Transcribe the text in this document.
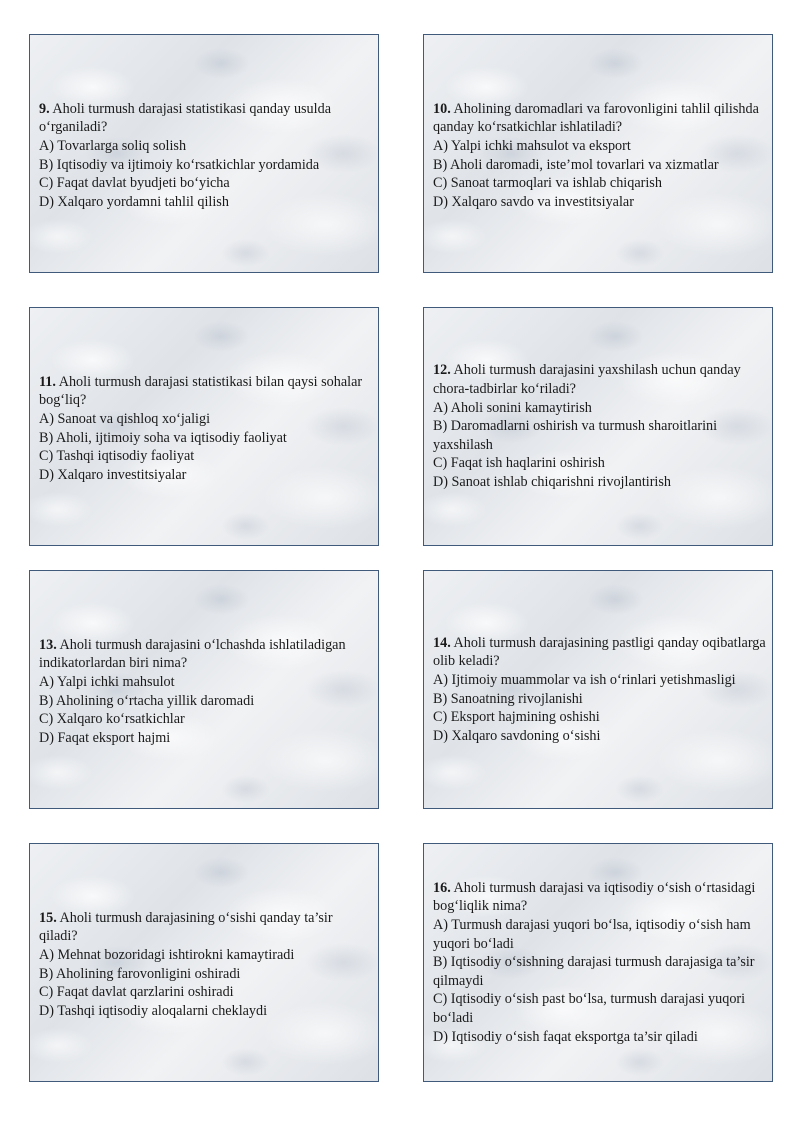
9. Aholi turmush darajasi statistikasi qanday usulda o‘rganiladi?

A) Tovarlarga soliq solish

B) Iqtisodiy va ijtimoiy ko‘rsatkichlar yordamida

C) Faqat davlat byudjeti bo‘yicha

D) Xalqaro yordamni tahlil qilish

10. Aholining daromadlari va farovonligini tahlil qilishda qanday ko‘rsatkichlar ishlatiladi?

A) Yalpi ichki mahsulot va eksport

B) Aholi daromadi, iste’mol tovarlari va xizmatlar

C) Sanoat tarmoqlari va ishlab chiqarish

D) Xalqaro savdo va investitsiyalar

11. Aholi turmush darajasi statistikasi bilan qaysi sohalar bog‘liq?

A) Sanoat va qishloq xo‘jaligi

B) Aholi, ijtimoiy soha va iqtisodiy faoliyat

C) Tashqi iqtisodiy faoliyat

D) Xalqaro investitsiyalar

12. Aholi turmush darajasini yaxshilash uchun qanday chora-tadbirlar ko‘riladi?

A) Aholi sonini kamaytirish

B) Daromadlarni oshirish va turmush sharoitlarini yaxshilash

C) Faqat ish haqlarini oshirish

D) Sanoat ishlab chiqarishni rivojlantirish

13. Aholi turmush darajasini o‘lchashda ishlatiladigan indikatorlardan biri nima?

A) Yalpi ichki mahsulot

B) Aholining o‘rtacha yillik daromadi

C) Xalqaro ko‘rsatkichlar

D) Faqat eksport hajmi

14. Aholi turmush darajasining pastligi qanday oqibatlarga olib keladi?

A) Ijtimoiy muammolar va ish o‘rinlari yetishmasligi

B) Sanoatning rivojlanishi

C) Eksport hajmining oshishi

D) Xalqaro savdoning o‘sishi

15. Aholi turmush darajasining o‘sishi qanday ta’sir qiladi?

A) Mehnat bozoridagi ishtirokni kamaytiradi

B) Aholining farovonligini oshiradi

C) Faqat davlat qarzlarini oshiradi

D) Tashqi iqtisodiy aloqalarni cheklaydi

16. Aholi turmush darajasi va iqtisodiy o‘sish o‘rtasidagi bog‘liqlik nima?

A) Turmush darajasi yuqori bo‘lsa, iqtisodiy o‘sish ham yuqori bo‘ladi

B) Iqtisodiy o‘sishning darajasi turmush darajasiga ta’sir qilmaydi

C) Iqtisodiy o‘sish past bo‘lsa, turmush darajasi yuqori bo‘ladi

D) Iqtisodiy o‘sish faqat eksportga ta’sir qiladi
